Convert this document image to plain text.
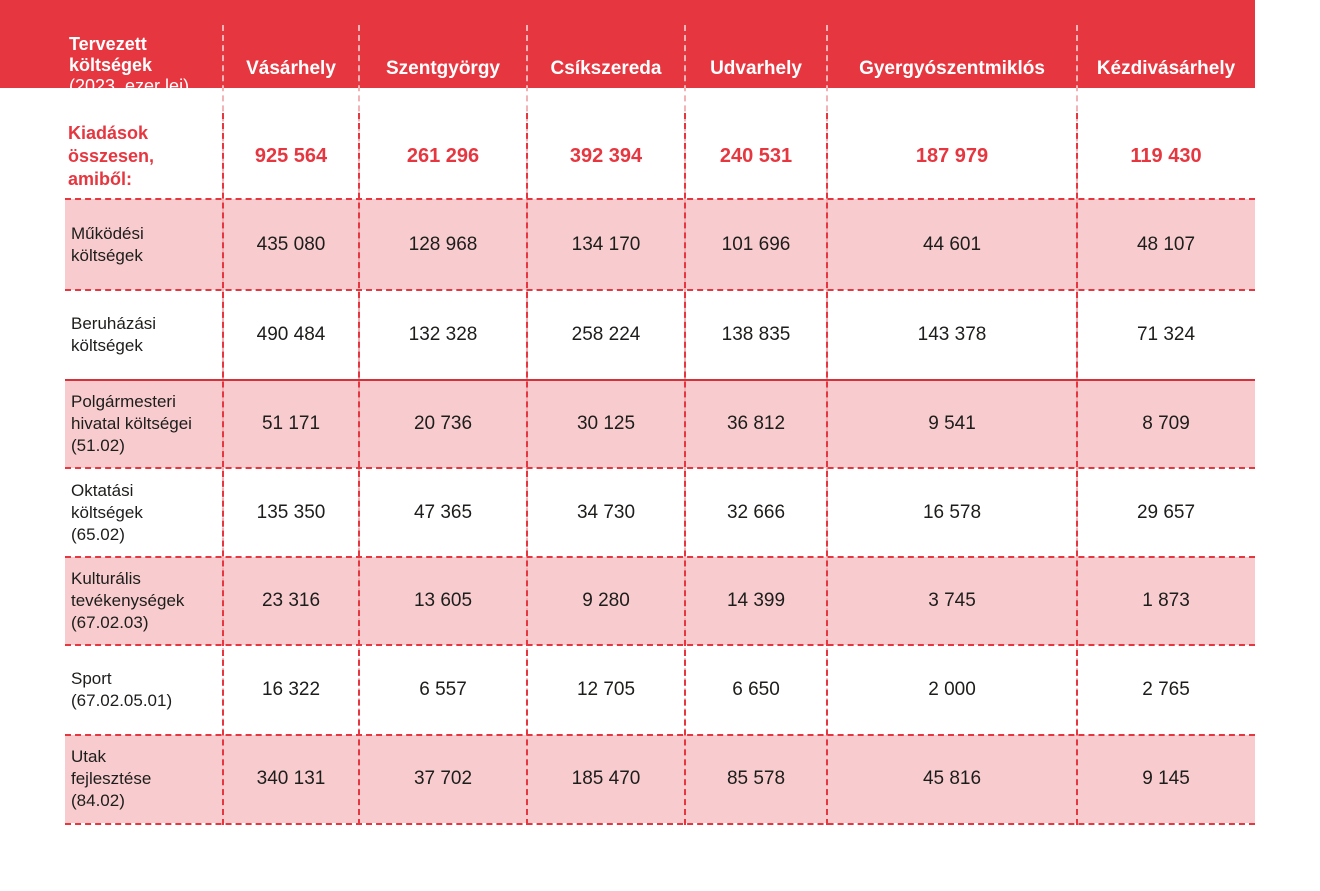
Tervezett
költségek
(2023, ezer lej)
Vásárhely	Szentgyörgy	Csíkszereda	Udvarhely	Gyergyószentmiklós	Kézdivásárhely
Kiadások
összesen,
amiből:
925 564	261 296	392 394	240 531	187 979	119 430
Működési
költségek
435 080	128 968	134 170	101 696	44 601	48 107
Beruházási
költségek
490 484	132 328	258 224	138 835	143 378	71 324
Polgármesteri
hivatal költségei
(51.02)
51 171	20 736	30 125	36 812	9 541	8 709
Oktatási
költségek
(65.02)
135 350	47 365	34 730	32 666	16 578	29 657
Kulturális
tevékenységek
(67.02.03)
23 316	13 605	9 280	14 399	3 745	1 873
Sport
(67.02.05.01)
16 322	6 557	12 705	6 650	2 000	2 765
Utak
fejlesztése
(84.02)
340 131	37 702	185 470	85 578	45 816	9 145
